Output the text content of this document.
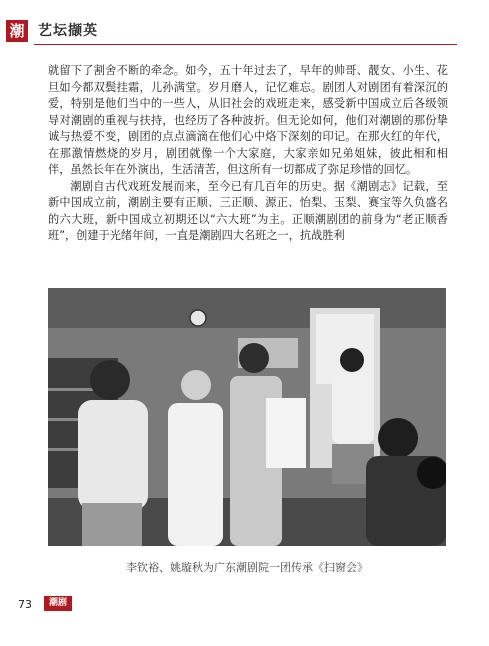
潮 艺坛撷英

就留下了割舍不断的牵念。如今，五十年过去了，早年的帅哥、靓女、小生、花旦如今都双鬓挂霜，儿孙满堂。岁月磨人，记忆难忘。剧团人对剧团有着深沉的爱，特别是他们当中的一些人，从旧社会的戏班走来，感受新中国成立后各级领导对潮剧的重视与扶持，也经历了各种波折。但无论如何，他们对潮剧的那份挚诚与热爱不变，剧团的点点滴滴在他们心中烙下深刻的印记。在那火红的年代，在那激情燃烧的岁月，剧团就像一个大家庭，大家亲如兄弟姐妹，彼此相和相伴，虽然长年在外演出，生活清苦，但这所有一切都成了弥足珍惜的回忆。

潮剧自古代戏班发展而来，至今已有几百年的历史。据《潮剧志》记载，至新中国成立前，潮剧主要有正顺、三正顺、源正、怡梨、玉梨、赛宝等久负盛名的六大班，新中国成立初期还以“六大班”为主。正顺潮剧团的前身为“老正顺香班”，创建于光绪年间，一直是潮剧四大名班之一，抗战胜利

李钦裕、姚璇秋为广东潮剧院一团传承《扫窗会》
73	潮剧
